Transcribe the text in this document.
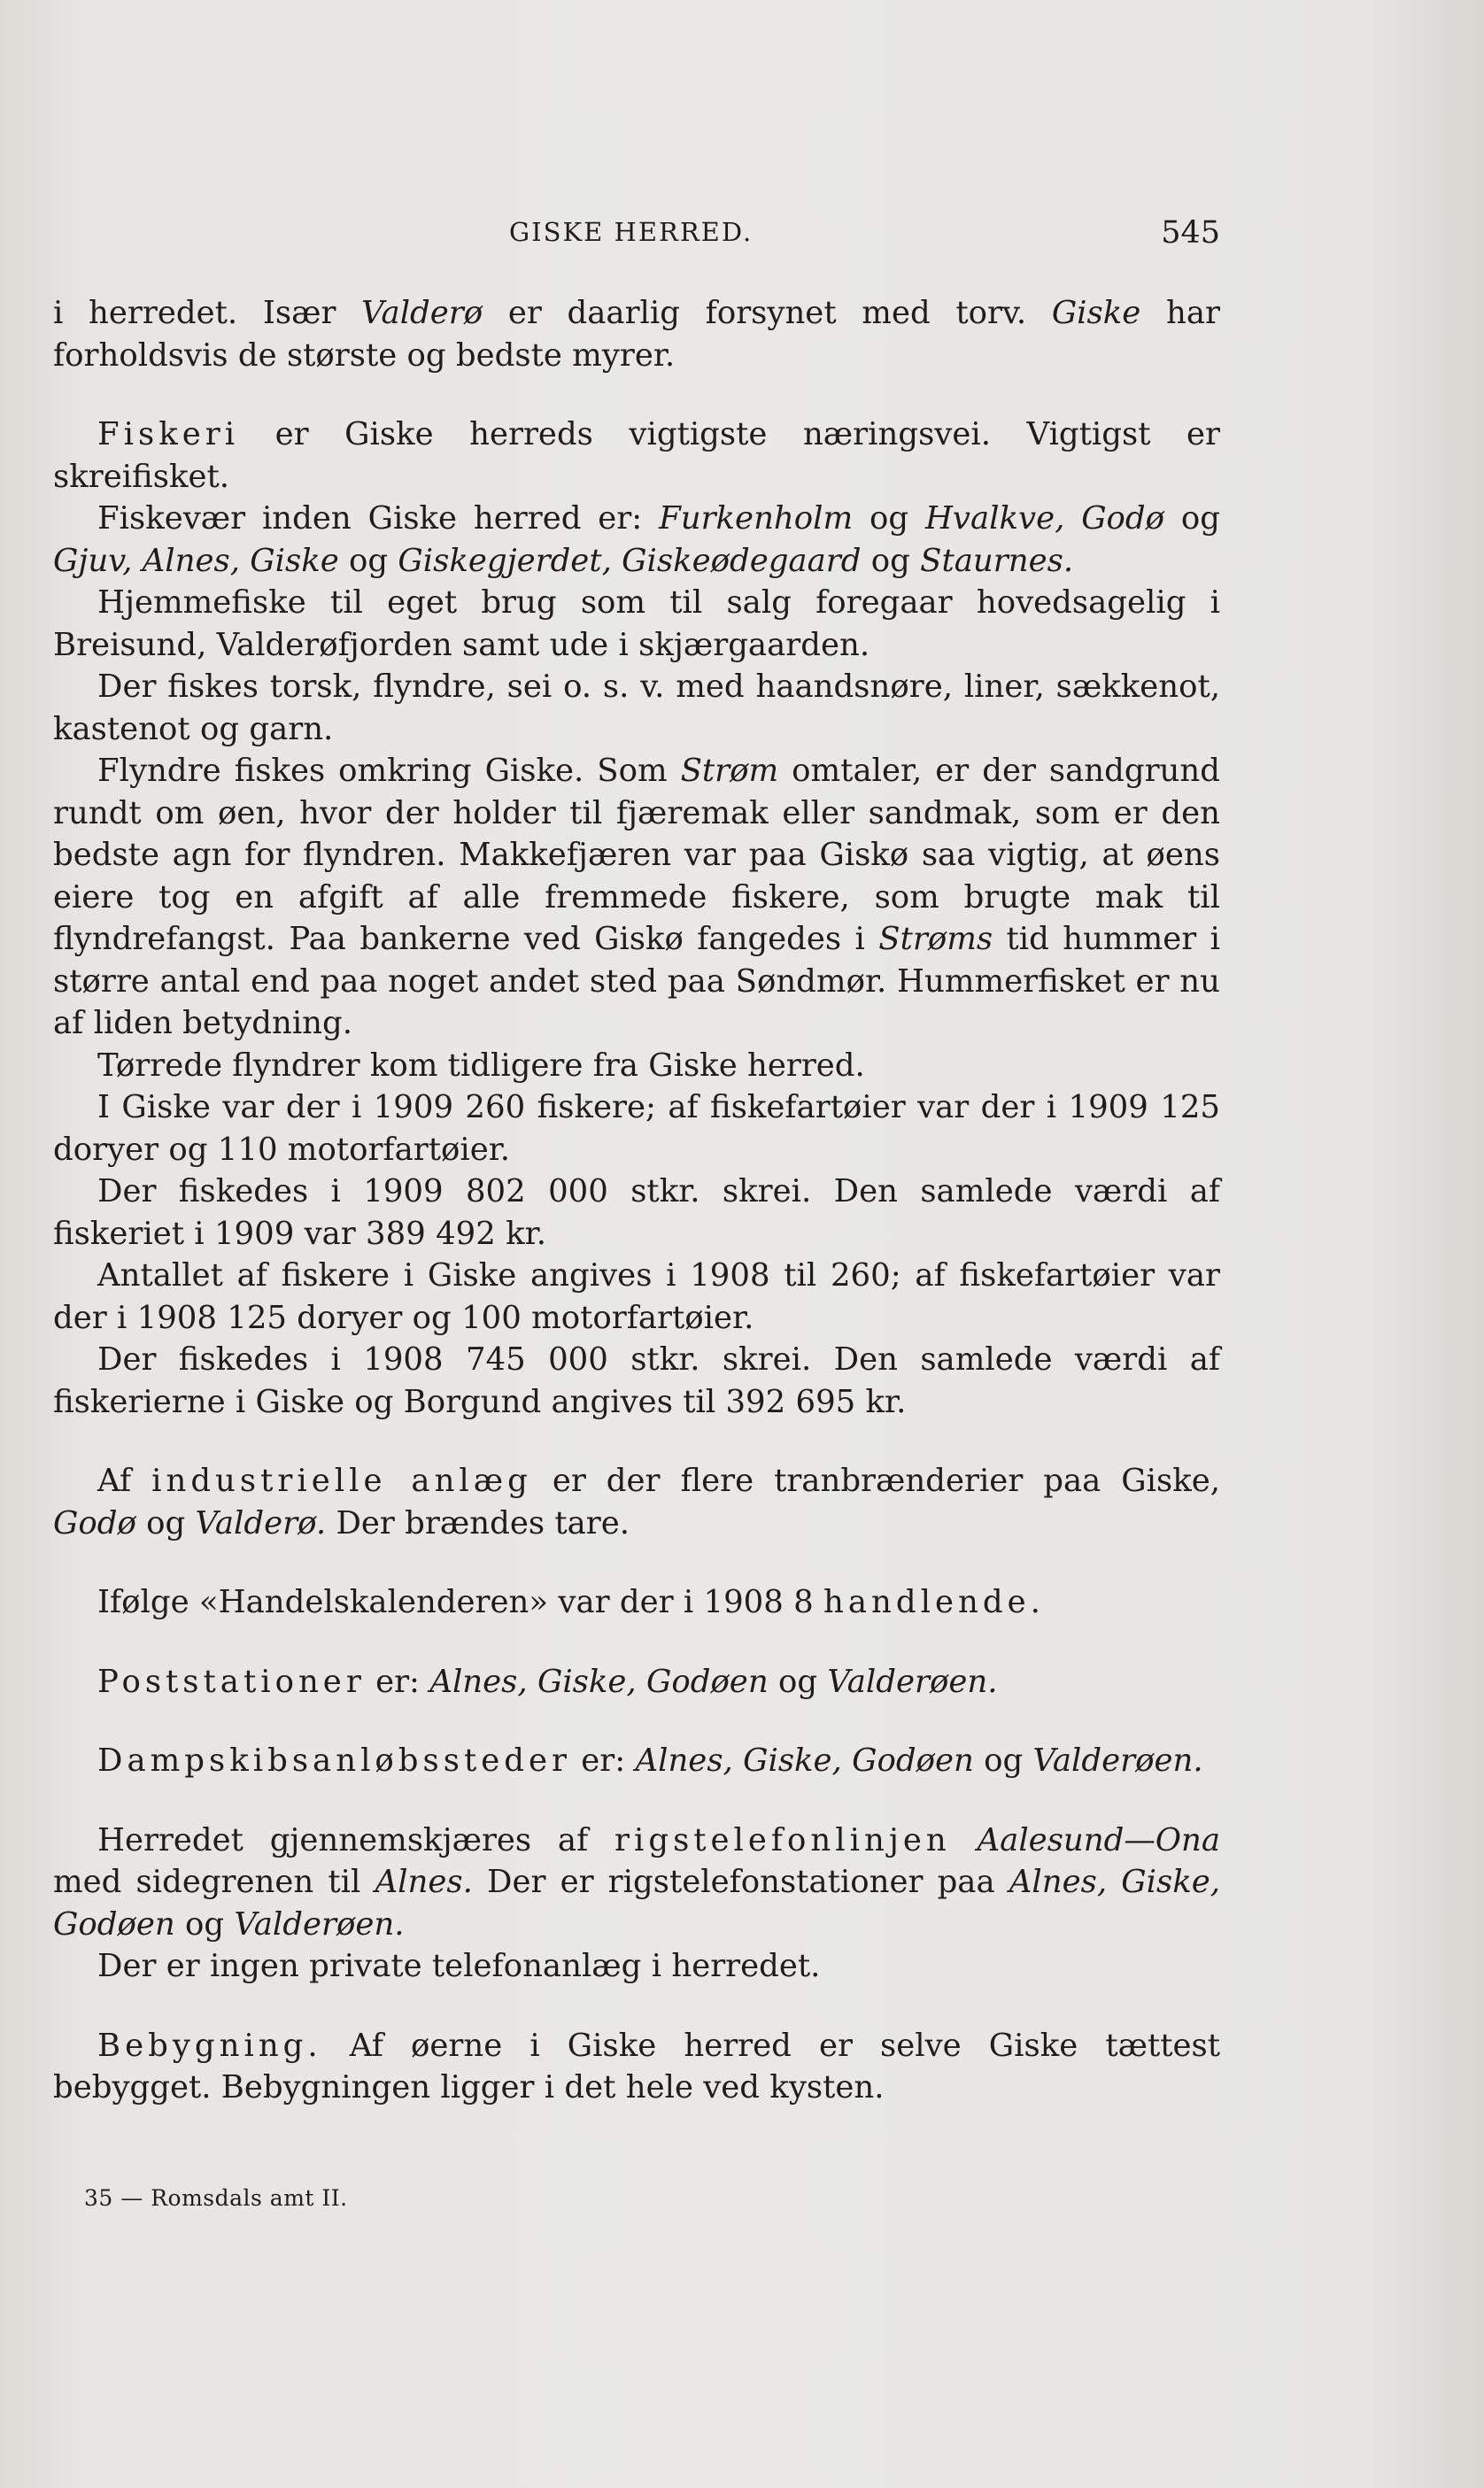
GISKE HERRED.	545

i herredet. Især Valderø er daarlig forsynet med torv. Giske har forholdsvis de største og bedste myrer.

Fiskeri er Giske herreds vigtigste næringsvei. Vigtigst er skreifisket.

Fiskevær inden Giske herred er: Furkenholm og Hvalkve, Godø og Gjuv, Alnes, Giske og Giskegjerdet, Giskeødegaard og Staurnes.

Hjemmefiske til eget brug som til salg foregaar hovedsagelig i Breisund, Valderøfjorden samt ude i skjærgaarden.

Der fiskes torsk, flyndre, sei o. s. v. med haandsnøre, liner, sækkenot, kastenot og garn.

Flyndre fiskes omkring Giske. Som Strøm omtaler, er der sandgrund rundt om øen, hvor der holder til fjæremak eller sandmak, som er den bedste agn for flyndren. Makkefjæren var paa Giskø saa vigtig, at øens eiere tog en afgift af alle fremmede fiskere, som brugte mak til flyndrefangst. Paa bankerne ved Giskø fangedes i Strøms tid hummer i større antal end paa noget andet sted paa Søndmør. Hummerfisket er nu af liden betydning.

Tørrede flyndrer kom tidligere fra Giske herred.

I Giske var der i 1909 260 fiskere; af fiskefartøier var der i 1909 125 doryer og 110 motorfartøier.

Der fiskedes i 1909 802 000 stkr. skrei. Den samlede værdi af fiskeriet i 1909 var 389 492 kr.

Antallet af fiskere i Giske angives i 1908 til 260; af fiskefartøier var der i 1908 125 doryer og 100 motorfartøier.

Der fiskedes i 1908 745 000 stkr. skrei. Den samlede værdi af fiskerierne i Giske og Borgund angives til 392 695 kr.

Af industrielle anlæg er der flere tranbrænderier paa Giske, Godø og Valderø. Der brændes tare.

Ifølge «Handelskalenderen» var der i 1908 8 handlende.

Poststationer er: Alnes, Giske, Godøen og Valderøen.

Dampskibsanløbssteder er: Alnes, Giske, Godøen og Valderøen.

Herredet gjennemskjæres af rigstelefonlinjen Aalesund—Ona med sidegrenen til Alnes. Der er rigstelefonstationer paa Alnes, Giske, Godøen og Valderøen.

Der er ingen private telefonanlæg i herredet.

Bebygning. Af øerne i Giske herred er selve Giske tættest bebygget. Bebygningen ligger i det hele ved kysten.

35 — Romsdals amt II.
